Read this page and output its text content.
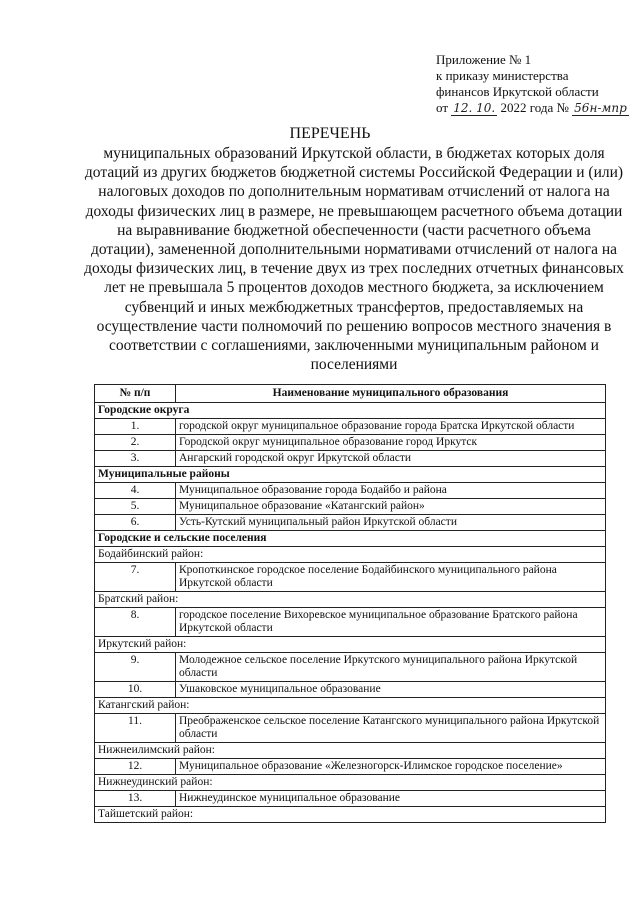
Приложение № 1
к приказу министерства
финансов Иркутской области
от 12. 10. 2022 года № 56н-мпр
ПЕРЕЧЕНЬ
муниципальных образований Иркутской области, в бюджетах которых доля дотаций из других бюджетов бюджетной системы Российской Федерации и (или) налоговых доходов по дополнительным нормативам отчислений от налога на доходы физических лиц в размере, не превышающем расчетного объема дотации на выравнивание бюджетной обеспеченности (части расчетного объема дотации), замененной дополнительными нормативами отчислений от налога на доходы физических лиц, в течение двух из трех последних отчетных финансовых лет не превышала 5 процентов доходов местного бюджета, за исключением субвенций и иных межбюджетных трансфертов, предоставляемых на осуществление части полномочий по решению вопросов местного значения в соответствии с соглашениями, заключенными муниципальным районом и поселениями
№ п/п	Наименование муниципального образования
Городские округа	
1.	городской округ муниципальное образование города Братска Иркутской области
2.	Городской округ муниципальное образование город Иркутск
3.	Ангарский городской округ Иркутской области
Муниципальные районы	
4.	Муниципальное образование города Бодайбо и района
5.	Муниципальное образование «Катангский район»
6.	Усть-Кутский муниципальный район Иркутской области
Городские и сельские поселения	
Бодайбинский район:	
7.	Кропоткинское городское поселение Бодайбинского муниципального района Иркутской области
Братский район:	
8.	городское поселение Вихоревское муниципальное образование Братского района Иркутской области
Иркутский район:	
9.	Молодежное сельское поселение Иркутского муниципального района Иркутской области
10.	Ушаковское муниципальное образование
Катангский район:	
11.	Преображенское сельское поселение Катангского муниципального района Иркутской области
Нижнеилимский район:	
12.	Муниципальное образование «Железногорск-Илимское городское поселение»
Нижнеудинский район:	
13.	Нижнеудинское муниципальное образование
Тайшетский район:	
